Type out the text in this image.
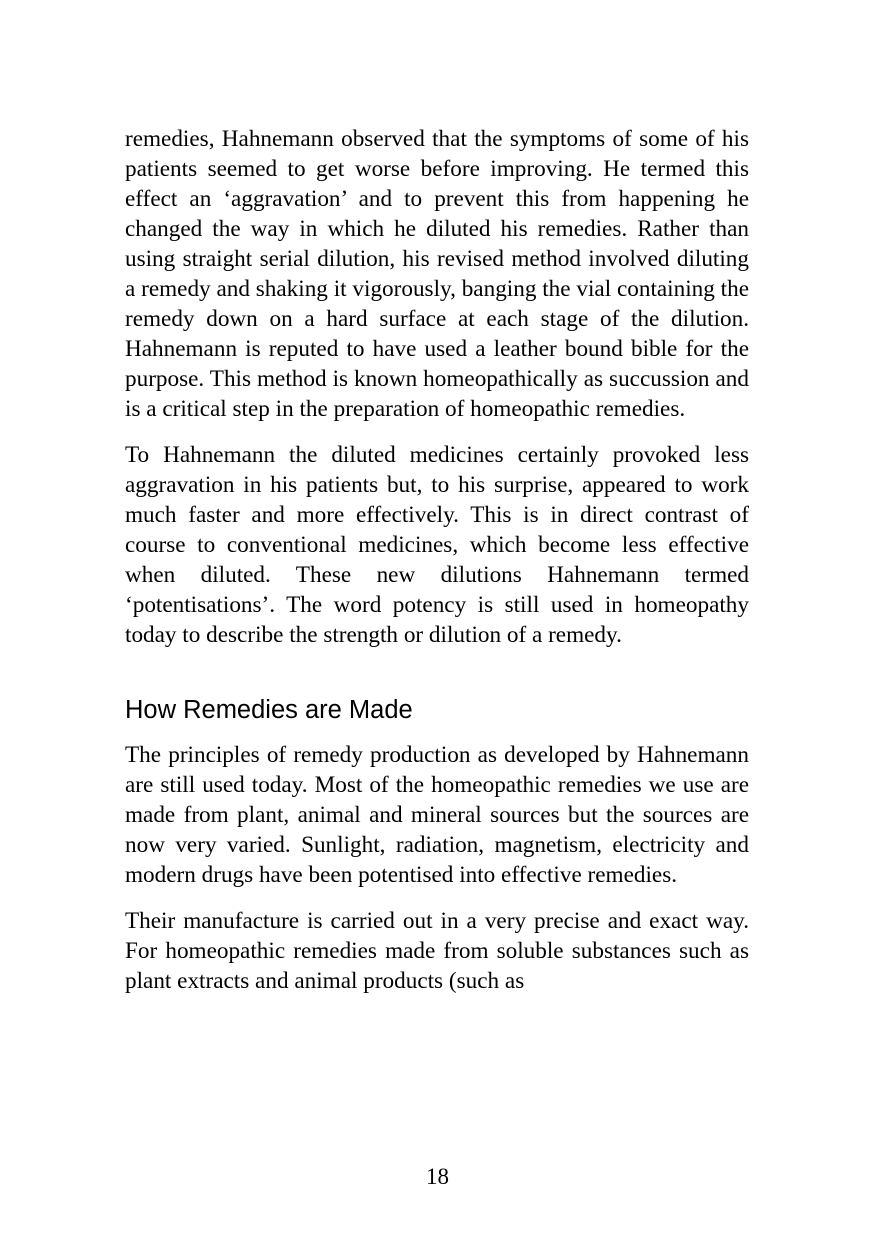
remedies, Hahnemann observed that the symptoms of some of his patients seemed to get worse before improving. He termed this effect an ‘aggravation’ and to prevent this from happening he changed the way in which he diluted his remedies. Rather than using straight serial dilution, his revised method involved diluting a remedy and shaking it vigorously, banging the vial containing the remedy down on a hard surface at each stage of the dilution. Hahnemann is reputed to have used a leather bound bible for the purpose. This method is known homeopathically as succussion and is a critical step in the preparation of homeopathic remedies.

To Hahnemann the diluted medicines certainly provoked less aggravation in his patients but, to his surprise, appeared to work much faster and more effectively. This is in direct contrast of course to conventional medicines, which become less effective when diluted. These new dilutions Hahnemann termed ‘potentisations’. The word potency is still used in homeopathy today to describe the strength or dilution of a remedy.

How Remedies are Made

The principles of remedy production as developed by Hahnemann are still used today. Most of the homeopathic remedies we use are made from plant, animal and mineral sources but the sources are now very varied. Sunlight, radiation, magnetism, electricity and modern drugs have been potentised into effective remedies.

Their manufacture is carried out in a very precise and exact way. For homeopathic remedies made from soluble substances such as plant extracts and animal products (such as

18
